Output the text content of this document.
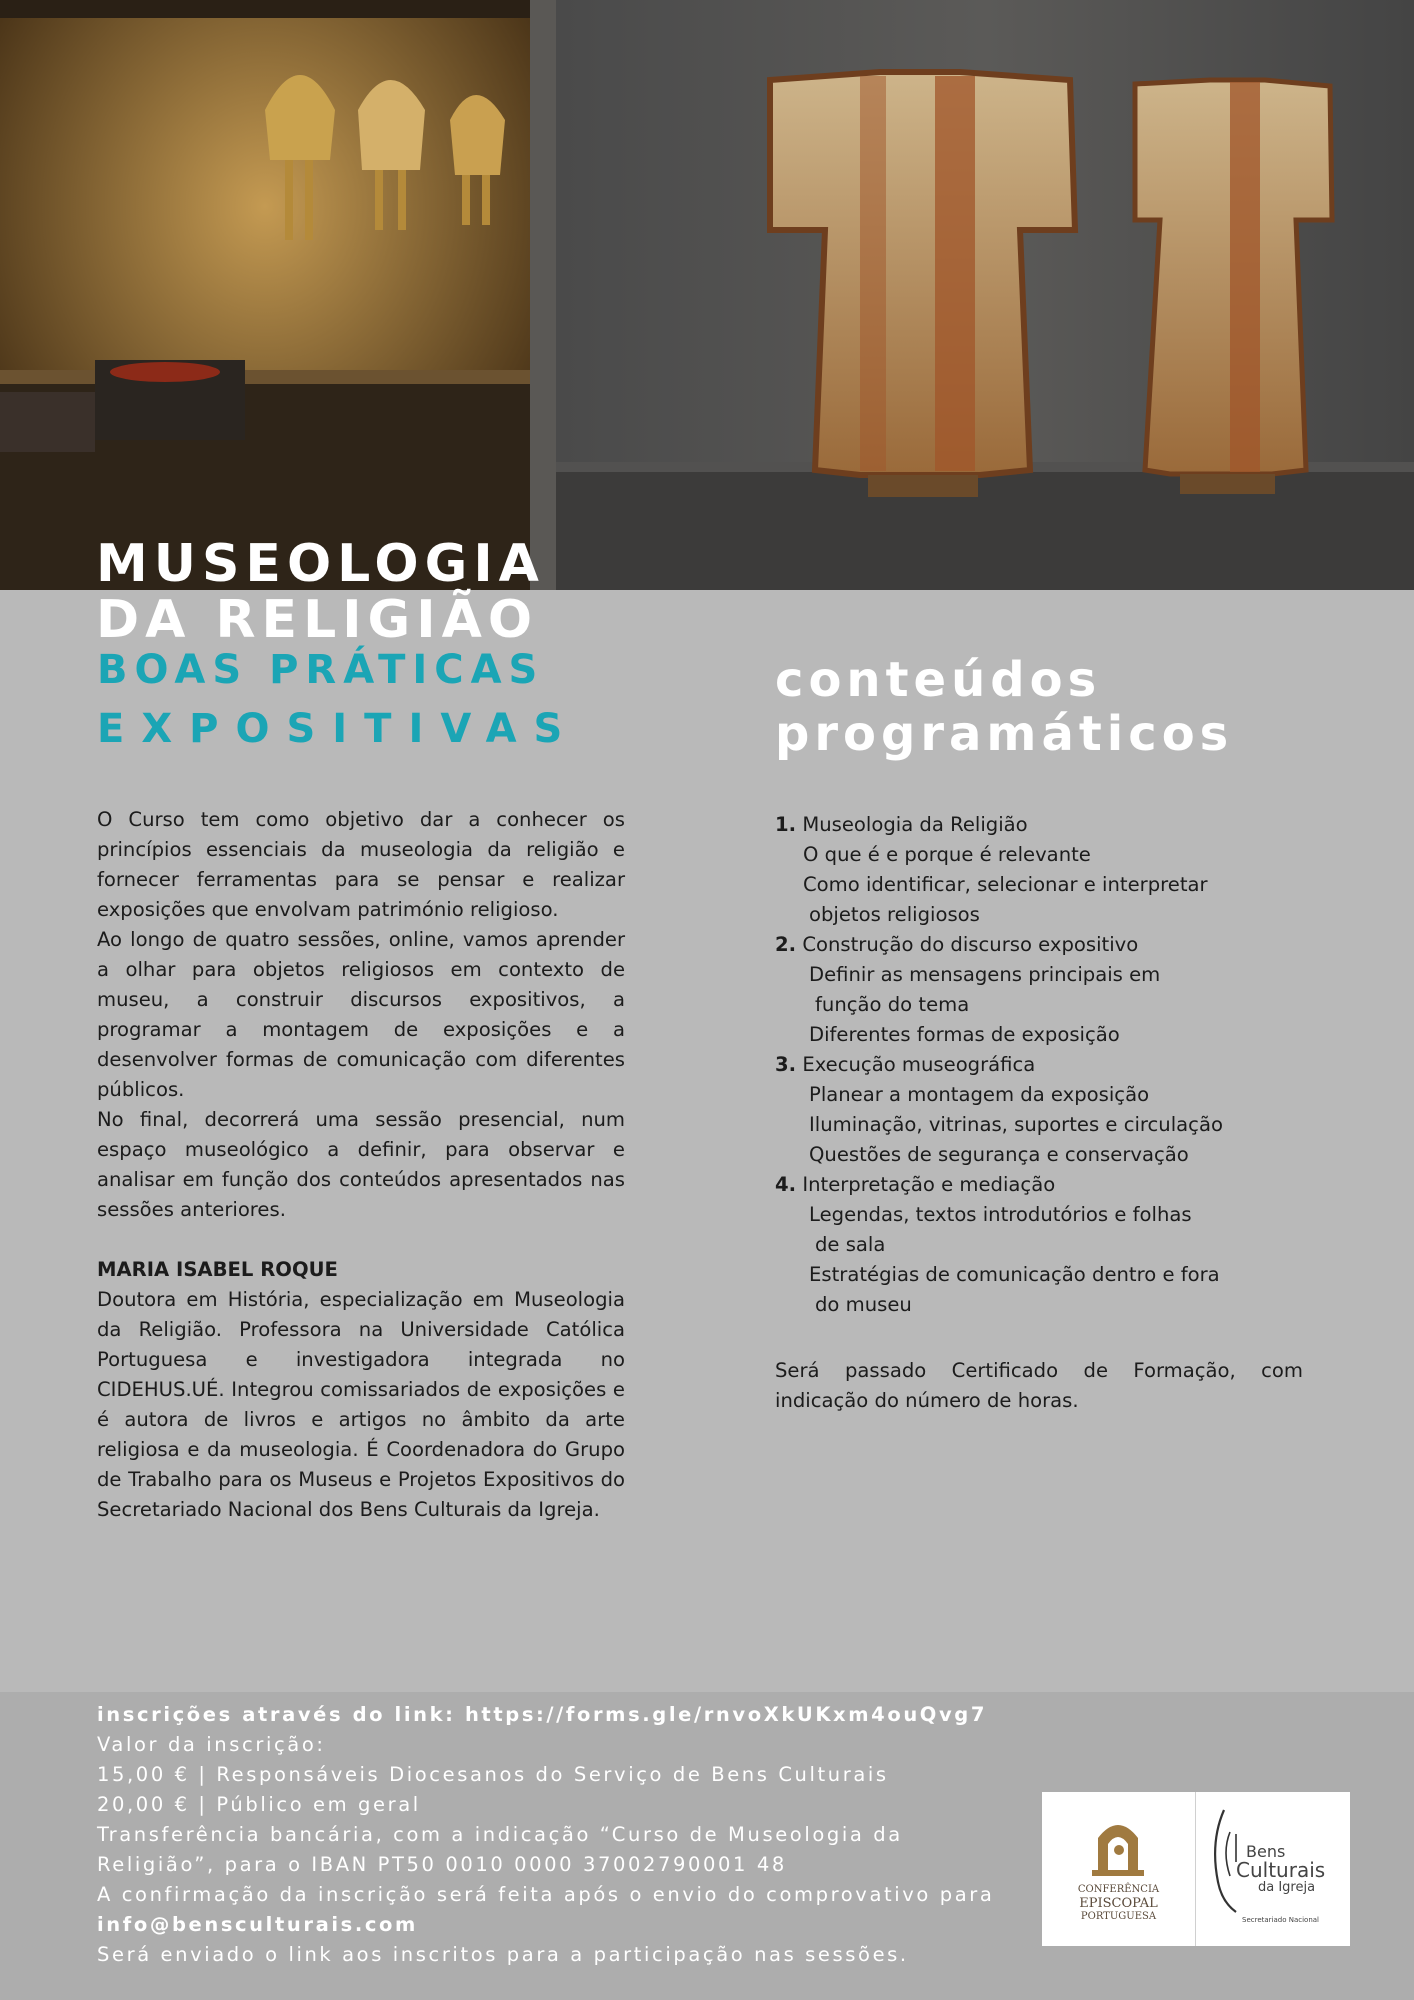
MUSEOLOGIA
DA RELIGIÃO
BOAS PRÁTICAS
EXPOSITIVAS
conteúdos
programáticos

O Curso tem como objetivo dar a conhecer os princípios essenciais da museologia da religião e fornecer ferramentas para se pensar e realizar exposições que envolvam património religioso.

Ao longo de quatro sessões, online, vamos aprender a olhar para objetos religiosos em contexto de museu, a construir discursos expositivos, a programar a montagem de exposições e a desenvolver formas de comunicação com diferentes públicos.

No final, decorrerá uma sessão presencial, num espaço museológico a definir, para observar e analisar em função dos conteúdos apresentados nas sessões anteriores.

MARIA ISABEL ROQUE

Doutora em História, especialização em Museologia da Religião. Professora na Universidade Católica Portuguesa e investigadora integrada no CIDEHUS.UÉ. Integrou comissariados de exposições e é autora de livros e artigos no âmbito da arte religiosa e da museologia. É Coordenadora do Grupo de Trabalho para os Museus e Projetos Expositivos do Secretariado Nacional dos Bens Culturais da Igreja.

1. Museologia da Religião
O que é e porque é relevante
Como identificar, selecionar e interpretar
objetos religiosos
2. Construção do discurso expositivo
Definir as mensagens principais em
função do tema
Diferentes formas de exposição
3. Execução museográfica
Planear a montagem da exposição
Iluminação, vitrinas, suportes e circulação
Questões de segurança e conservação
4. Interpretação e mediação
Legendas, textos introdutórios e folhas
de sala
Estratégias de comunicação dentro e fora
do museu

Será passado Certificado de Formação, com indicação do número de horas.

inscrições através do link: https://forms.gle/rnvoXkUKxm4ouQvg7
Valor da inscrição:
15,00 € | Responsáveis Diocesanos do Serviço de Bens Culturais
20,00 € | Público em geral
Transferência bancária, com a indicação “Curso de Museologia da
Religião”, para o IBAN PT50 0010 0000 37002790001 48
A confirmação da inscrição será feita após o envio do comprovativo para
info@bensculturais.com
Será enviado o link aos inscritos para a participação nas sessões.
CONFERÊNCIA
EPISCOPAL
PORTUGUESA
Bens
Culturais
da Igreja
Secretariado Nacional
